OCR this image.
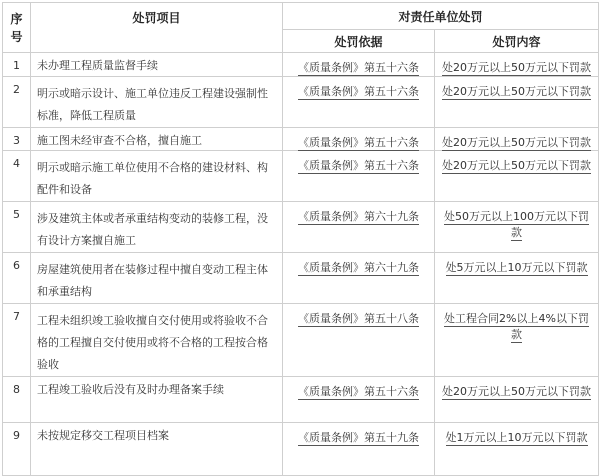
序号	处罚项目	对责任单位处罚	
		处罚依据	处罚内容
1	未办理工程质量监督手续	《质量条例》第五十六条	处20万元以上50万元以下罚款
2	明示或暗示设计、施工单位违反工程建设强制性标准，降低工程质量	《质量条例》第五十六条	处20万元以上50万元以下罚款
3	施工图未经审查不合格，擅自施工	《质量条例》第五十六条	处20万元以上50万元以下罚款
4	明示或暗示施工单位使用不合格的建设材料、构配件和设备	《质量条例》第五十六条	处20万元以上50万元以下罚款
5	涉及建筑主体或者承重结构变动的装修工程，没有设计方案擅自施工	《质量条例》第六十九条	处50万元以上100万元以下罚款
6	房屋建筑使用者在装修过程中擅自变动工程主体和承重结构	《质量条例》第六十九条	处5万元以上10万元以下罚款
7	工程未组织竣工验收擅自交付使用或将验收不合格的工程擅自交付使用或将不合格的工程按合格验收	《质量条例》第五十八条	处工程合同2%以上4%以下罚款
8	工程竣工验收后没有及时办理备案手续	《质量条例》第五十六条	处20万元以上50万元以下罚款
9	未按规定移交工程项目档案	《质量条例》第五十九条	处1万元以上10万元以下罚款
